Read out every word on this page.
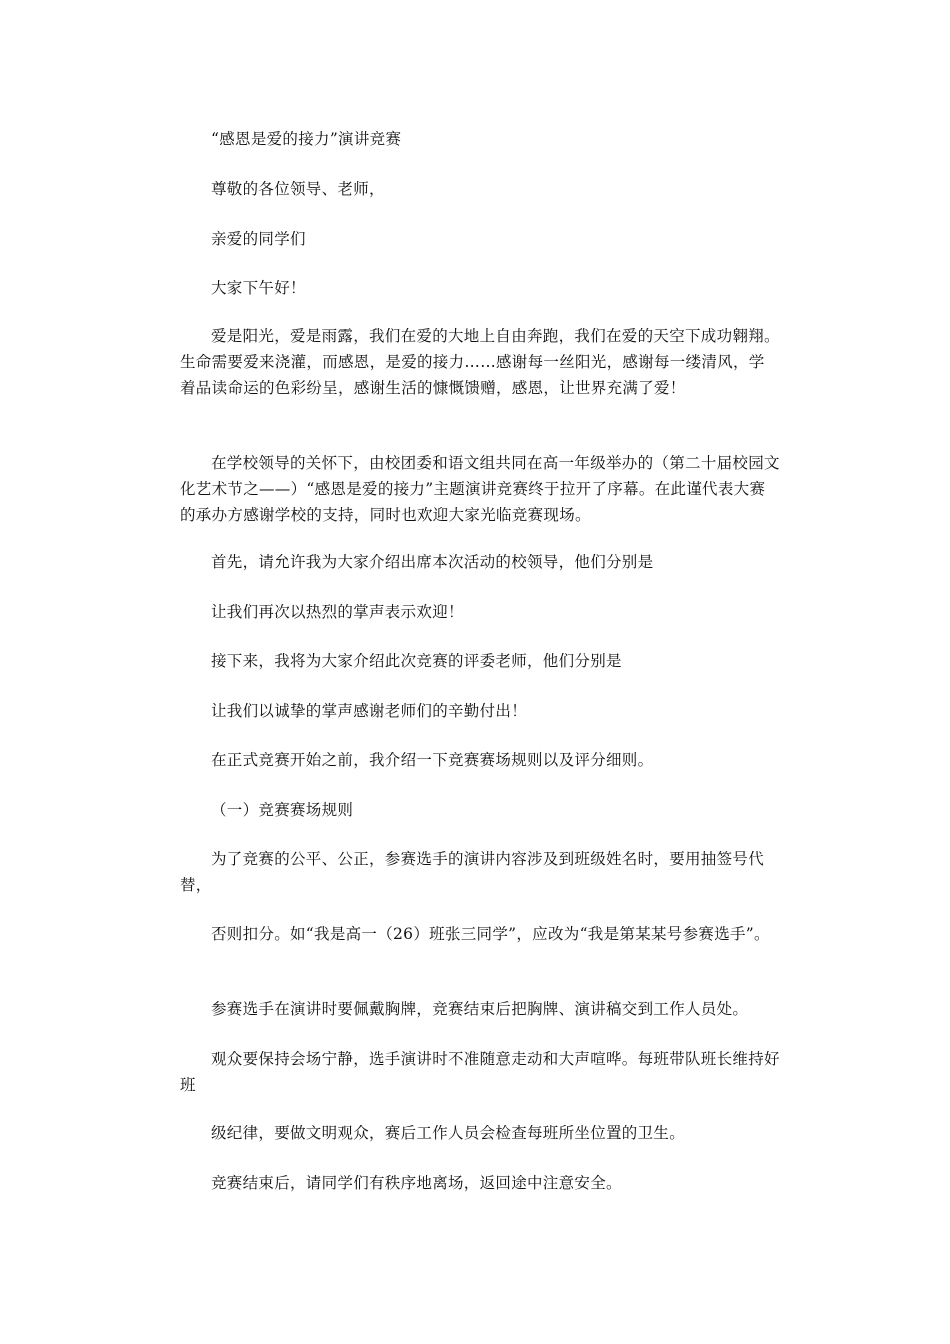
“感恩是爱的接力”演讲竞赛

尊敬的各位领导、老师，

亲爱的同学们

大家下午好！

爱是阳光，爱是雨露，我们在爱的大地上自由奔跑，我们在爱的天空下成功翱翔。生命需要爱来浇灌，而感恩，是爱的接力……感谢每一丝阳光，感谢每一缕清风，学着品读命运的色彩纷呈，感谢生活的慷慨馈赠，感恩，让世界充满了爱！

在学校领导的关怀下，由校团委和语文组共同在高一年级举办的（第二十届校园文化艺术节之——）“感恩是爱的接力”主题演讲竞赛终于拉开了序幕。在此谨代表大赛的承办方感谢学校的支持，同时也欢迎大家光临竞赛现场。

首先，请允许我为大家介绍出席本次活动的校领导，他们分别是

让我们再次以热烈的掌声表示欢迎！

接下来，我将为大家介绍此次竞赛的评委老师，他们分别是

让我们以诚挚的掌声感谢老师们的辛勤付出！

在正式竞赛开始之前，我介绍一下竞赛赛场规则以及评分细则。

（一）竞赛赛场规则

为了竞赛的公平、公正，参赛选手的演讲内容涉及到班级姓名时，要用抽签号代替，

否则扣分。如“我是高一（26）班张三同学”，应改为“我是第某某号参赛选手”。

参赛选手在演讲时要佩戴胸牌，竞赛结束后把胸牌、演讲稿交到工作人员处。

观众要保持会场宁静，选手演讲时不准随意走动和大声喧哗。每班带队班长维持好班

级纪律，要做文明观众，赛后工作人员会检查每班所坐位置的卫生。

竞赛结束后，请同学们有秩序地离场，返回途中注意安全。
